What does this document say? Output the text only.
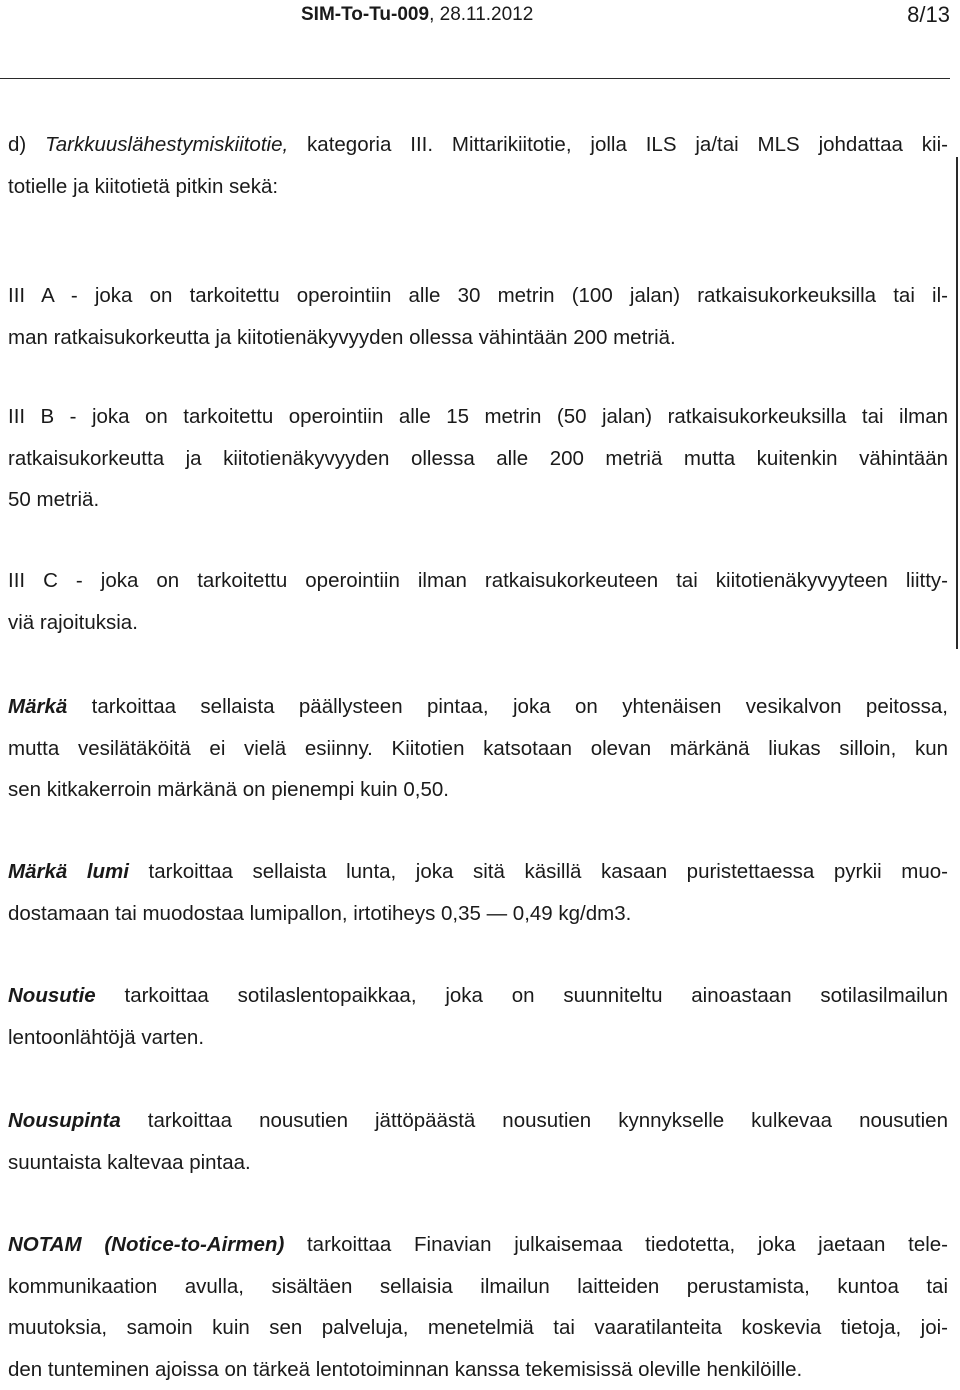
SIM-To-Tu-009, 28.11.2012	8/13
d) Tarkkuuslähestymiskiitotie, kategoria III. Mittarikiitotie, jolla ILS ja/tai MLS johdattaa kii-
totielle ja kiitotietä pitkin sekä:
III A - joka on tarkoitettu operointiin alle 30 metrin (100 jalan) ratkaisukorkeuksilla tai il-
man ratkaisukorkeutta ja kiitotienäkyvyyden ollessa vähintään 200 metriä.
III B - joka on tarkoitettu operointiin alle 15 metrin (50 jalan) ratkaisukorkeuksilla tai ilman
ratkaisukorkeutta ja kiitotienäkyvyyden ollessa alle 200 metriä mutta kuitenkin vähintään
50 metriä.
III C - joka on tarkoitettu operointiin ilman ratkaisukorkeuteen tai kiitotienäkyvyyteen liitty-
viä rajoituksia.
Märkä tarkoittaa sellaista päällysteen pintaa, joka on yhtenäisen vesikalvon peitossa,
mutta vesilätäköitä ei vielä esiinny. Kiitotien katsotaan olevan märkänä liukas silloin, kun
sen kitkakerroin märkänä on pienempi kuin 0,50.
Märkä lumi tarkoittaa sellaista lunta, joka sitä käsillä kasaan puristettaessa pyrkii muo-
dostamaan tai muodostaa lumipallon, irtotiheys 0,35 — 0,49 kg/dm3.
Nousutie tarkoittaa sotilaslentopaikkaa, joka on suunniteltu ainoastaan sotilasilmailun
lentoonlähtöjä varten.
Nousupinta tarkoittaa nousutien jättöpäästä nousutien kynnykselle kulkevaa nousutien
suuntaista kaltevaa pintaa.
NOTAM (Notice-to-Airmen) tarkoittaa Finavian julkaisemaa tiedotetta, joka jaetaan tele-
kommunikaation avulla, sisältäen sellaisia ilmailun laitteiden perustamista, kuntoa tai
muutoksia, samoin kuin sen palveluja, menetelmiä tai vaaratilanteita koskevia tietoja, joi-
den tunteminen ajoissa on tärkeä lentotoiminnan kanssa tekemisissä oleville henkilöille.
